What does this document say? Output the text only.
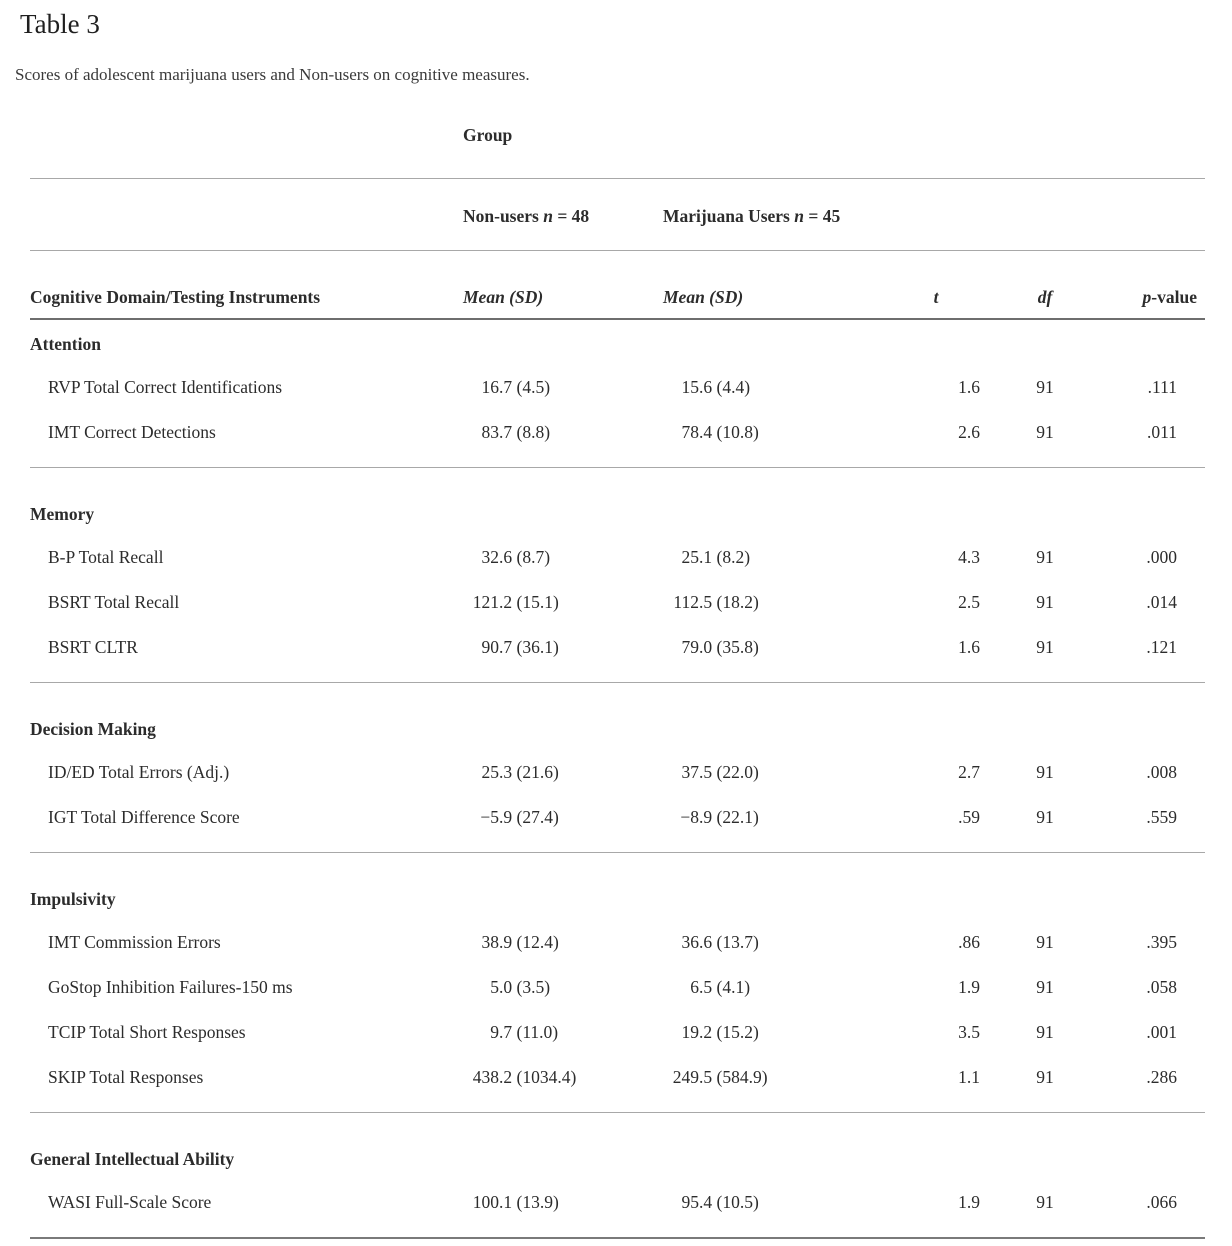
Table 3

Scores of adolescent marijuana users and Non-users on cognitive measures.

	Group				
	Non-users n = 48	Marijuana Users n = 45			
Cognitive Domain/Testing Instruments	Mean (SD)	Mean (SD)	t	df	p-value
Attention					
RVP Total Correct Identifications	16.7 (4.5)	15.6 (4.4)	1.6	91	.111
IMT Correct Detections	83.7 (8.8)	78.4 (10.8)	2.6	91	.011
Memory					
B-P Total Recall	32.6 (8.7)	25.1 (8.2)	4.3	91	.000
BSRT Total Recall	121.2 (15.1)	112.5 (18.2)	2.5	91	.014
BSRT CLTR	90.7 (36.1)	79.0 (35.8)	1.6	91	.121
Decision Making					
ID/ED Total Errors (Adj.)	25.3 (21.6)	37.5 (22.0)	2.7	91	.008
IGT Total Difference Score	−5.9 (27.4)	−8.9 (22.1)	.59	91	.559
Impulsivity					
IMT Commission Errors	38.9 (12.4)	36.6 (13.7)	.86	91	.395
GoStop Inhibition Failures-150 ms	5.0 (3.5)	6.5 (4.1)	1.9	91	.058
TCIP Total Short Responses	9.7 (11.0)	19.2 (15.2)	3.5	91	.001
SKIP Total Responses	438.2 (1034.4)	249.5 (584.9)	1.1	91	.286
General Intellectual Ability					
WASI Full-Scale Score	100.1 (13.9)	95.4 (10.5)	1.9	91	.066
